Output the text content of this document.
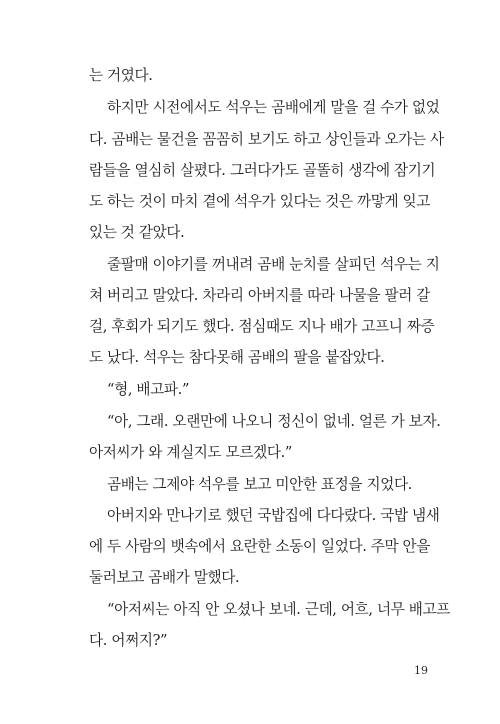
는 거였다.
하지만 시전에서도 석우는 곰배에게 말을 걸 수가 없었
다. 곰배는 물건을 꼼꼼히 보기도 하고 상인들과 오가는 사
람들을 열심히 살폈다. 그러다가도 골똘히 생각에 잠기기
도 하는 것이 마치 곁에 석우가 있다는 것은 까맣게 잊고
있는 것 같았다.
줄팔매 이야기를 꺼내려 곰배 눈치를 살피던 석우는 지
쳐 버리고 말았다. 차라리 아버지를 따라 나물을 팔러 갈
걸, 후회가 되기도 했다. 점심때도 지나 배가 고프니 짜증
도 났다. 석우는 참다못해 곰배의 팔을 붙잡았다.
“형, 배고파.”
“아, 그래. 오랜만에 나오니 정신이 없네. 얼른 가 보자.
아저씨가 와 계실지도 모르겠다.”
곰배는 그제야 석우를 보고 미안한 표정을 지었다.
아버지와 만나기로 했던 국밥집에 다다랐다. 국밥 냄새
에 두 사람의 뱃속에서 요란한 소동이 일었다. 주막 안을
둘러보고 곰배가 말했다.
“아저씨는 아직 안 오셨나 보네. 근데, 어흐, 너무 배고프
다. 어쩌지?”
19
